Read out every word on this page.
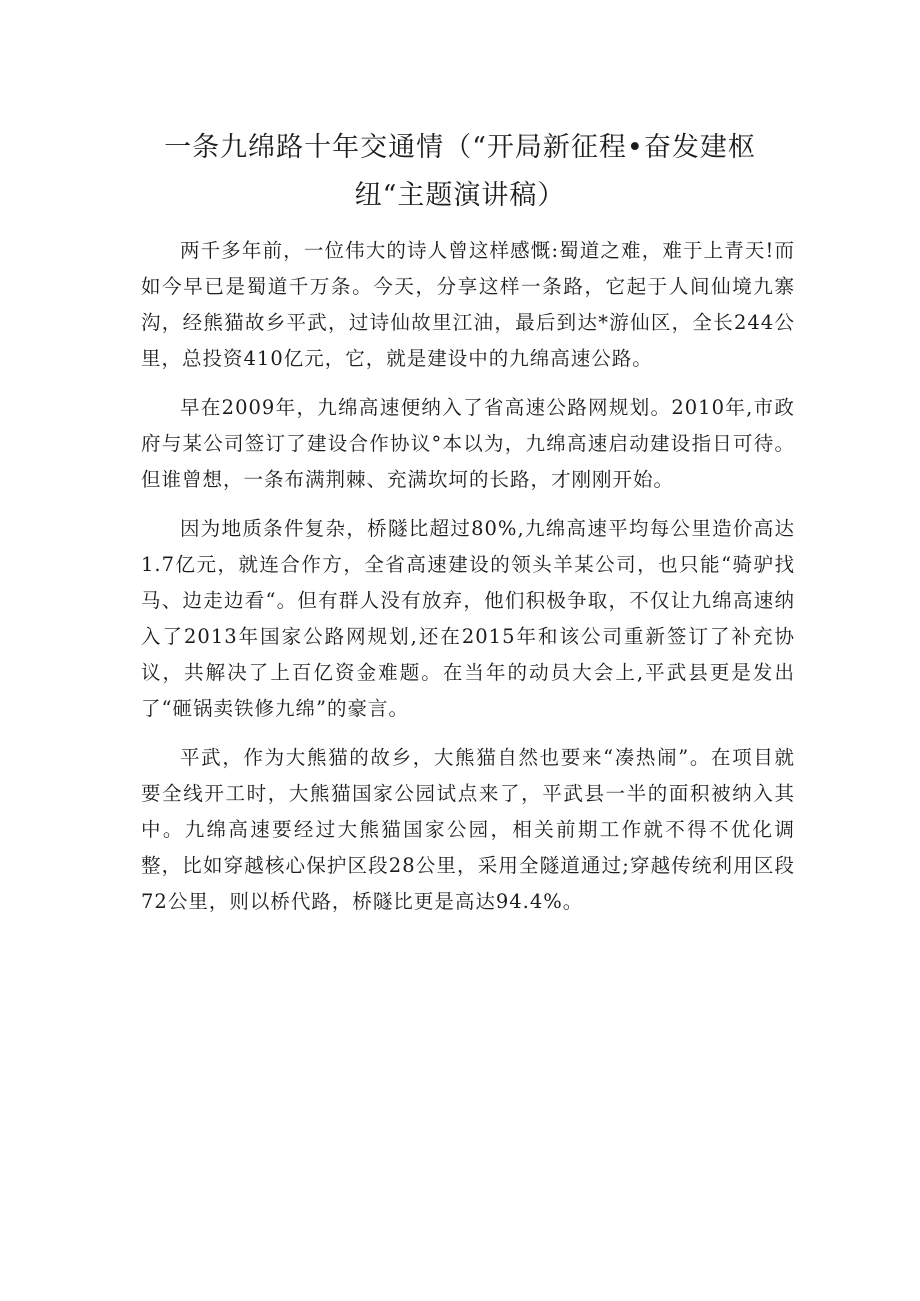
一条九绵路十年交通情（“开局新征程•奋发建枢纽“主题演讲稿）

两千多年前，一位伟大的诗人曾这样感慨:蜀道之难，难于上青天!而如今早已是蜀道千万条。今天，分享这样一条路，它起于人间仙境九寨沟，经熊猫故乡平武，过诗仙故里江油，最后到达*游仙区，全长244公里，总投资410亿元，它，就是建设中的九绵高速公路。

早在2009年，九绵高速便纳入了省高速公路网规划。2010年,市政府与某公司签订了建设合作协议°本以为，九绵高速启动建设指日可待。但谁曾想，一条布满荆棘、充满坎坷的长路，才刚刚开始。

因为地质条件复杂，桥隧比超过80%,九绵高速平均每公里造价高达1.7亿元，就连合作方，全省高速建设的领头羊某公司，也只能“骑驴找马、边走边看“。但有群人没有放弃，他们积极争取，不仅让九绵高速纳入了2013年国家公路网规划,还在2015年和该公司重新签订了补充协议，共解决了上百亿资金难题。在当年的动员大会上,平武县更是发出了“砸锅卖铁修九绵”的豪言。

平武，作为大熊猫的故乡，大熊猫自然也要来“凑热闹”。在项目就要全线开工时，大熊猫国家公园试点来了，平武县一半的面积被纳入其中。九绵高速要经过大熊猫国家公园，相关前期工作就不得不优化调整，比如穿越核心保护区段28公里，采用全隧道通过;穿越传统利用区段72公里，则以桥代路，桥隧比更是高达94.4%。
